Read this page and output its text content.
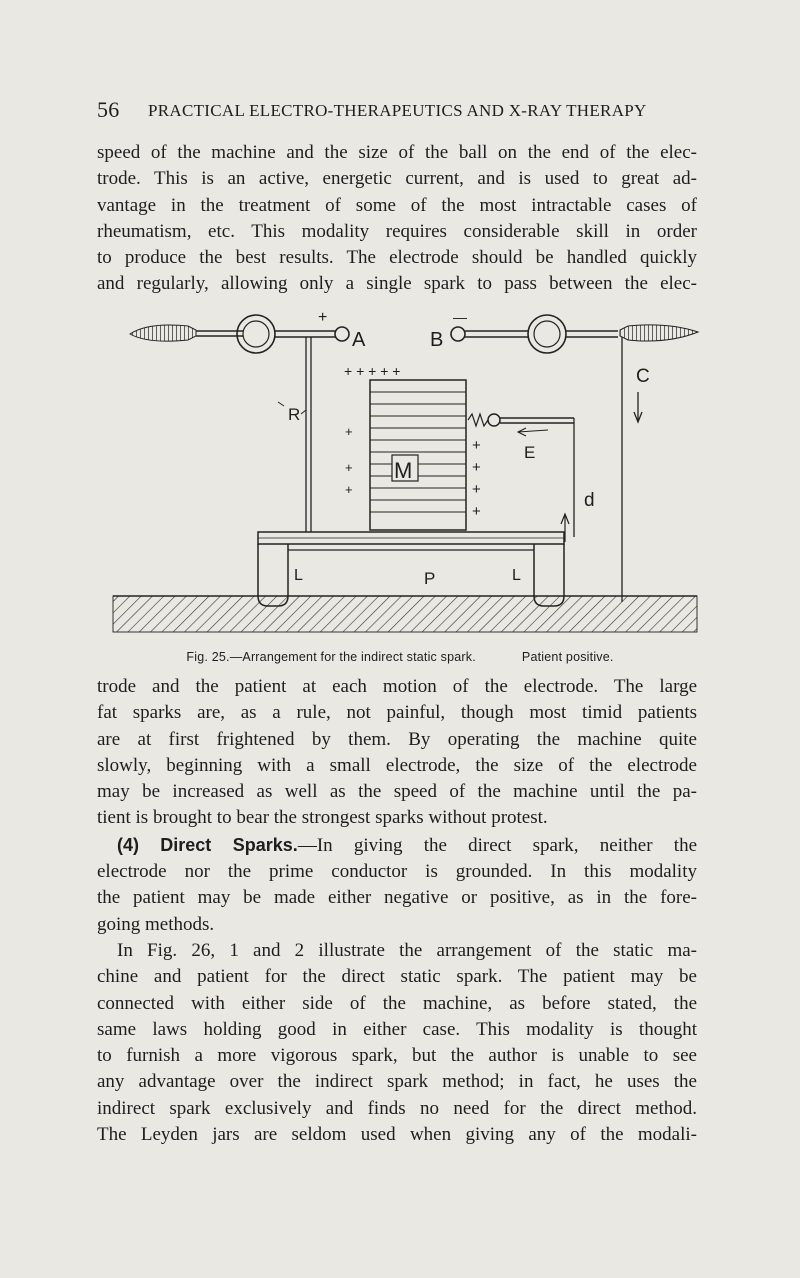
56 PRACTICAL ELECTRO-THERAPEUTICS AND X-RAY THERAPY
speed of the machine and the size of the ball on the end of the elec-
trode. This is an active, energetic current, and is used to great ad-
vantage in the treatment of some of the most intractable cases of
rheumatism, etc. This modality requires considerable skill in order
to produce the best results. The electrode should be handled quickly
and regularly, allowing only a single spark to pass between the elec-
+
A	B
—
C
R
M
+ + + + +
+
+
+
+
+
+
+
E
d
L	P	L
Fig. 25.—Arrangement for the indirect static spark.	Patient positive.
trode and the patient at each motion of the electrode. The large
fat sparks are, as a rule, not painful, though most timid patients
are at first frightened by them. By operating the machine quite
slowly, beginning with a small electrode, the size of the electrode
may be increased as well as the speed of the machine until the pa-
tient is brought to bear the strongest sparks without protest.
(4) Direct Sparks.—In giving the direct spark, neither the
electrode nor the prime conductor is grounded. In this modality
the patient may be made either negative or positive, as in the fore-
going methods.
In Fig. 26, 1 and 2 illustrate the arrangement of the static ma-
chine and patient for the direct static spark. The patient may be
connected with either side of the machine, as before stated, the
same laws holding good in either case. This modality is thought
to furnish a more vigorous spark, but the author is unable to see
any advantage over the indirect spark method; in fact, he uses the
indirect spark exclusively and finds no need for the direct method.
The Leyden jars are seldom used when giving any of the modali-
